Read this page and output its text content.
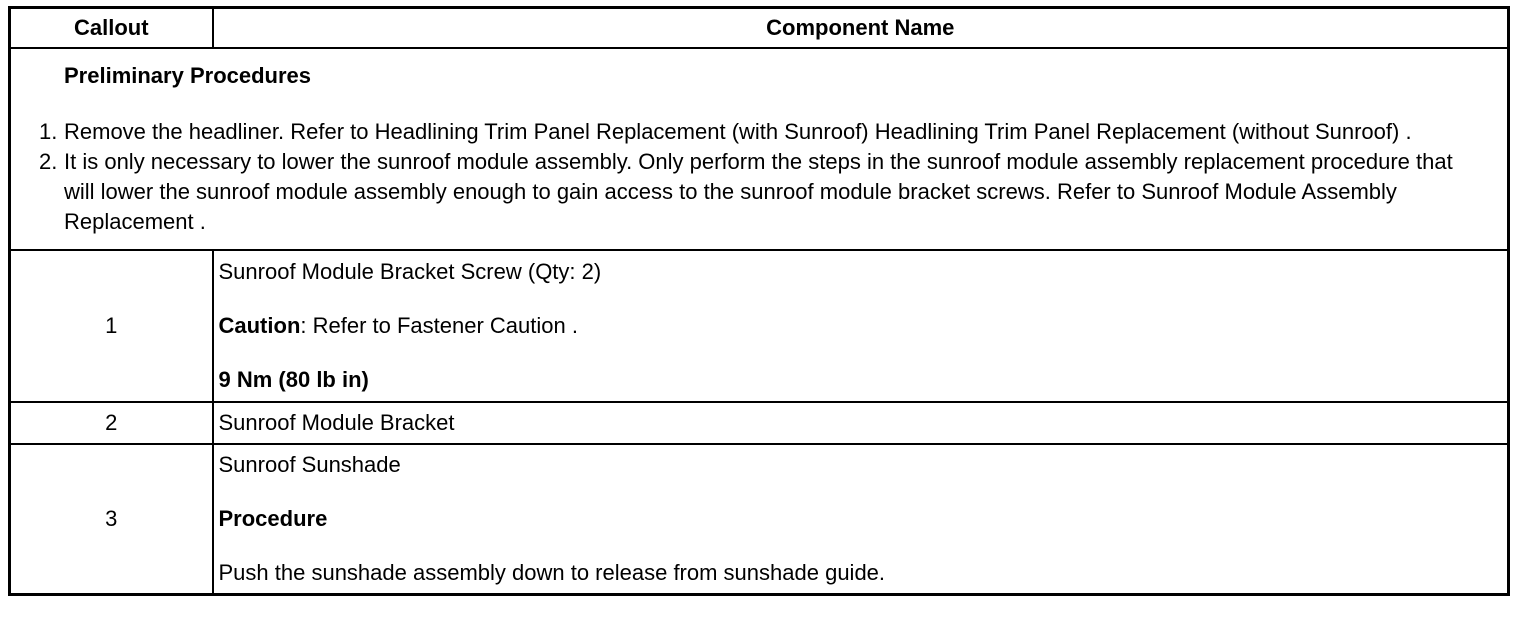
Callout	Component Name

Preliminary Procedures
1. Remove the headliner. Refer to Headlining Trim Panel Replacement (with Sunroof) Headlining Trim Panel Replacement (without Sunroof) .
2. It is only necessary to lower the sunroof module assembly. Only perform the steps in the sunroof module assembly replacement procedure that will lower the sunroof module assembly enough to gain access to the sunroof module bracket screws. Refer to Sunroof Module Assembly Replacement .	

1	Sunroof Module Bracket Screw (Qty: 2)
Caution: Refer to Fastener Caution .
9 Nm (80 lb in)

2	Sunroof Module Bracket

3	Sunroof Sunshade
Procedure
Push the sunshade assembly down to release from sunshade guide.
